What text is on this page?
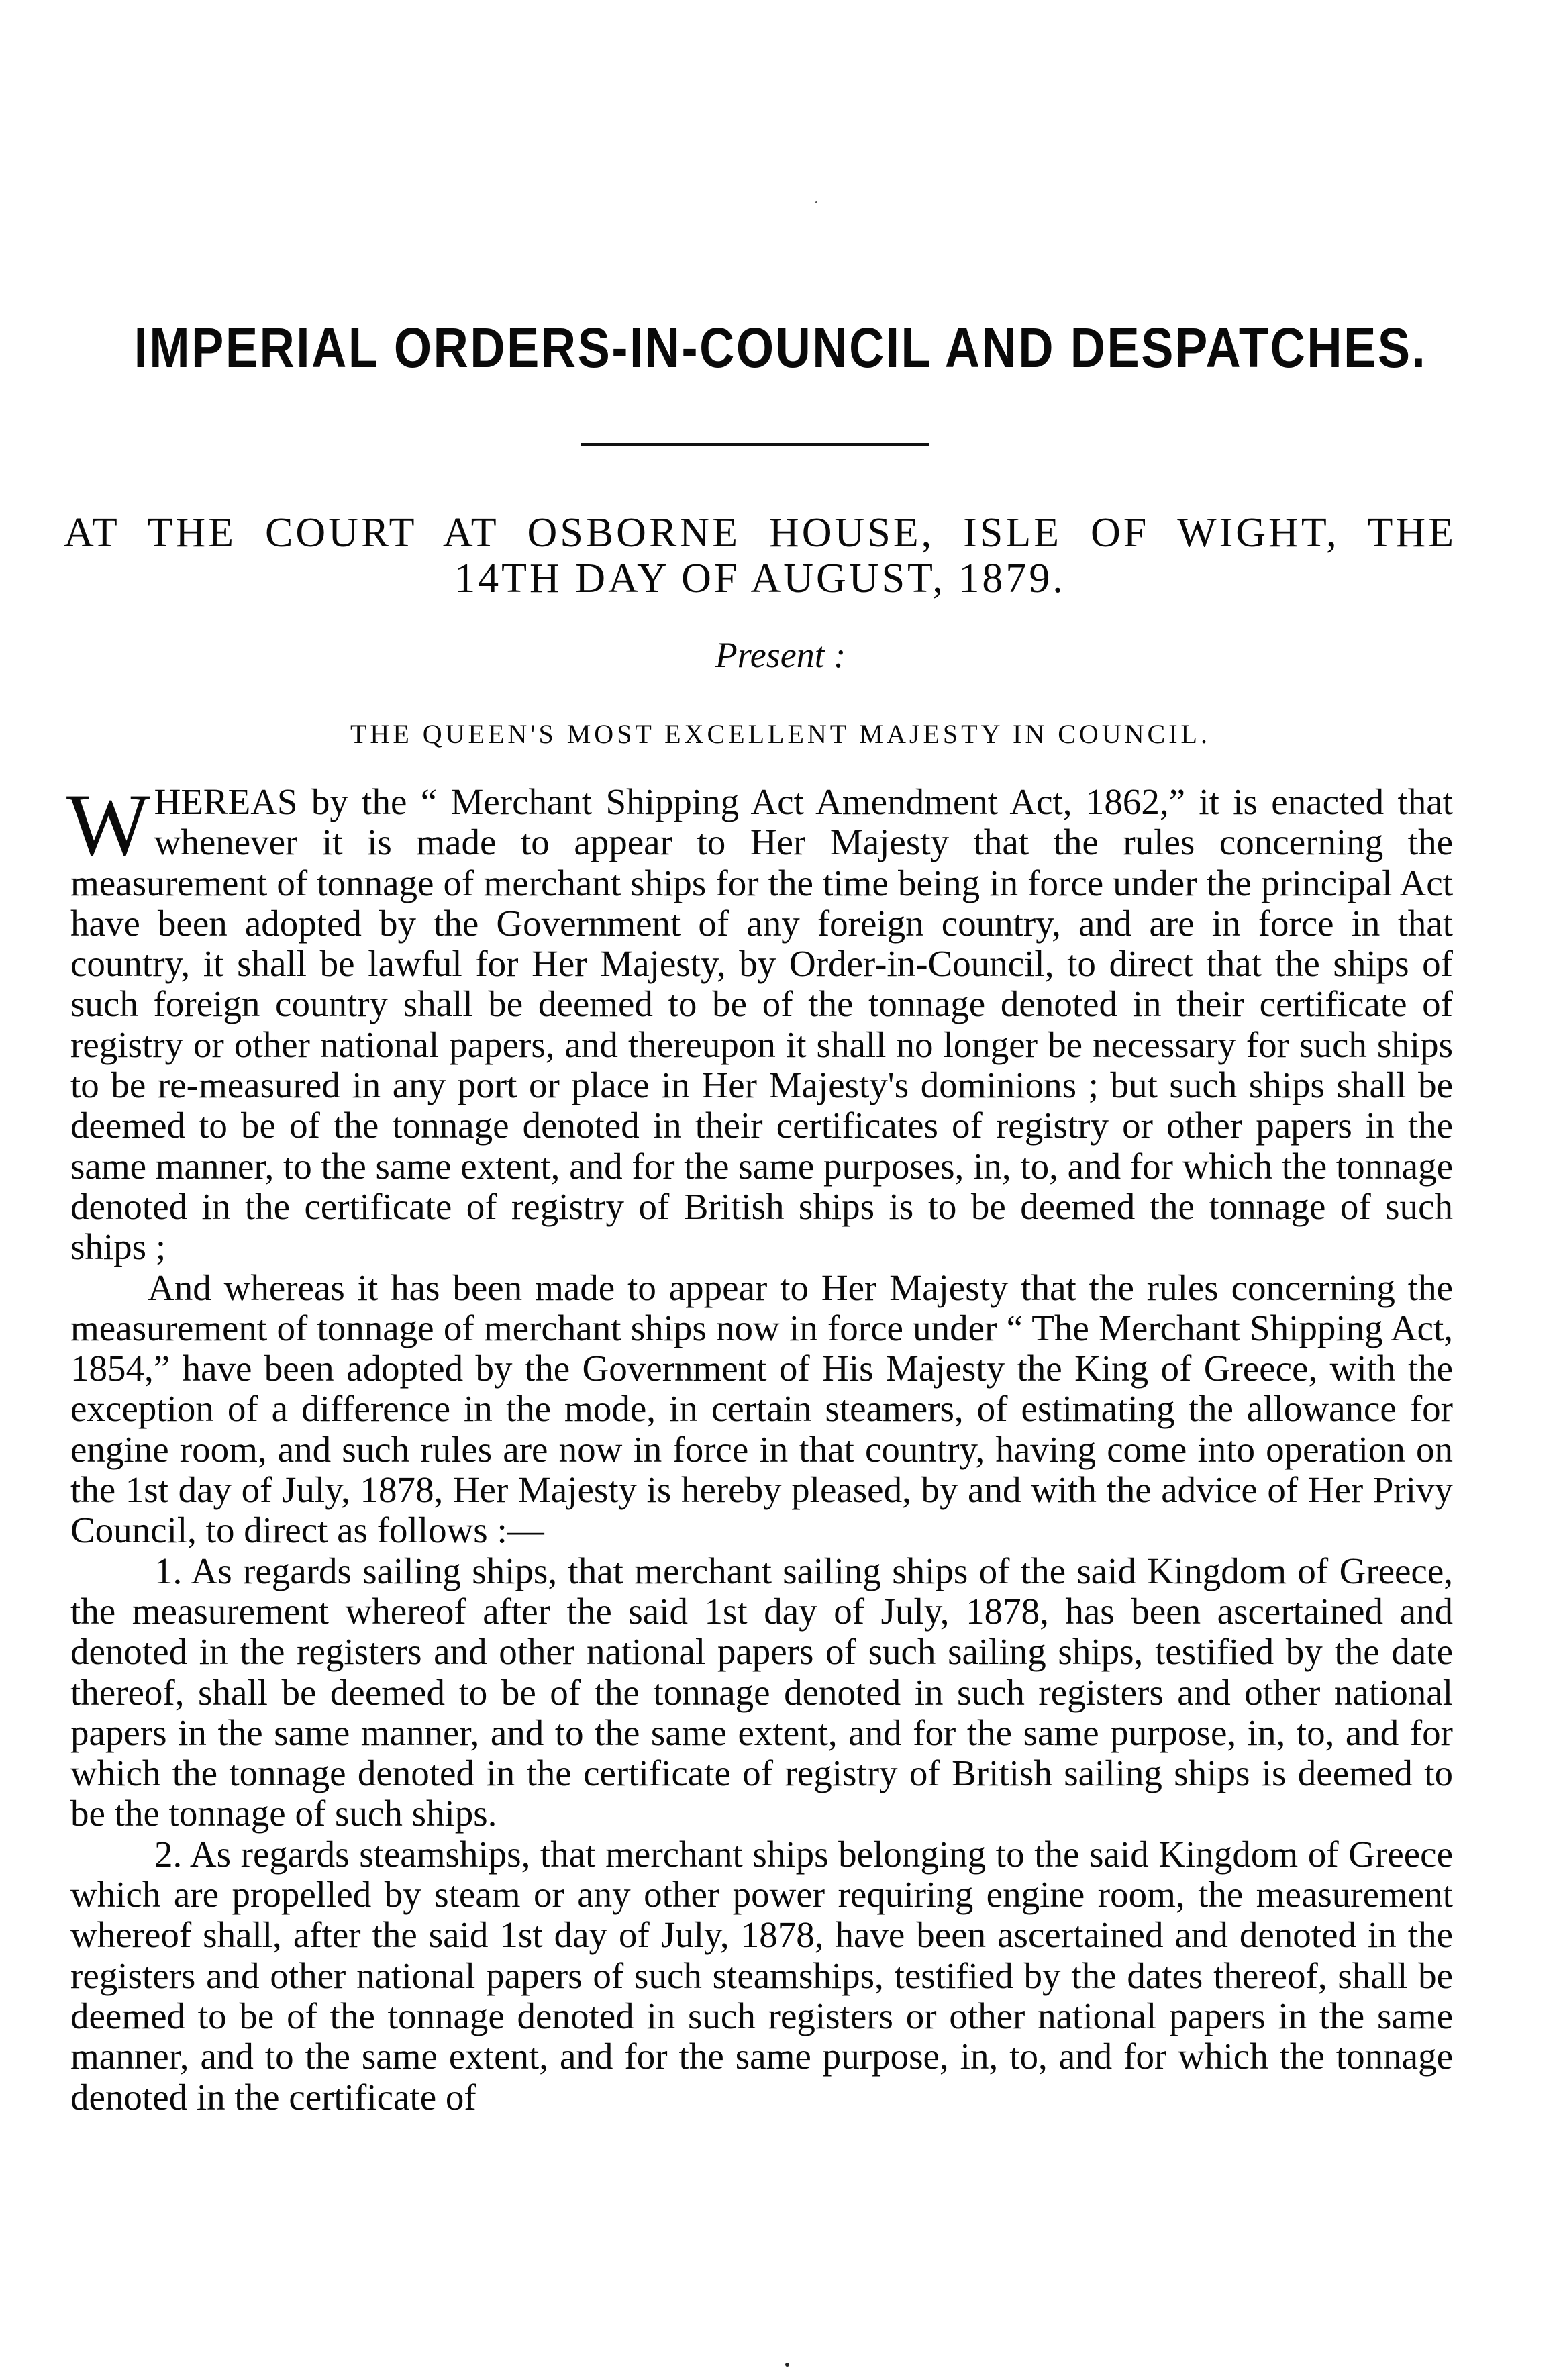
IMPERIAL ORDERS-IN-COUNCIL AND DESPATCHES.
AT THE COURT AT OSBORNE HOUSE, ISLE OF WIGHT, THE
14TH DAY OF AUGUST, 1879.
Present :
THE QUEEN'S MOST EXCELLENT MAJESTY IN COUNCIL.

WHEREAS by the “ Merchant Shipping Act Amendment Act, 1862,” it is enacted that whenever it is made to appear to Her Majesty that the rules concerning the measurement of tonnage of merchant ships for the time being in force under the principal Act have been adopted by the Government of any foreign country, and are in force in that country, it shall be lawful for Her Majesty, by Order-in-Council, to direct that the ships of such foreign country shall be deemed to be of the tonnage denoted in their certificate of registry or other national papers, and thereupon it shall no longer be necessary for such ships to be re-measured in any port or place in Her Majesty's dominions ; but such ships shall be deemed to be of the tonnage denoted in their certificates of registry or other papers in the same manner, to the same extent, and for the same purposes, in, to, and for which the tonnage denoted in the certificate of registry of British ships is to be deemed the tonnage of such ships ;

And whereas it has been made to appear to Her Majesty that the rules concerning the measurement of tonnage of merchant ships now in force under “ The Merchant Shipping Act, 1854,” have been adopted by the Government of His Majesty the King of Greece, with the exception of a difference in the mode, in certain steamers, of estimating the allowance for engine room, and such rules are now in force in that country, having come into operation on the 1st day of July, 1878, Her Majesty is hereby pleased, by and with the advice of Her Privy Council, to direct as follows :—

1. As regards sailing ships, that merchant sailing ships of the said Kingdom of Greece, the measurement whereof after the said 1st day of July, 1878, has been ascertained and denoted in the registers and other national papers of such sailing ships, testified by the date thereof, shall be deemed to be of the tonnage denoted in such registers and other national papers in the same manner, and to the same extent, and for the same purpose, in, to, and for which the tonnage denoted in the certificate of registry of British sailing ships is deemed to be the tonnage of such ships.

2. As regards steamships, that merchant ships belonging to the said Kingdom of Greece which are propelled by steam or any other power requiring engine room, the measurement whereof shall, after the said 1st day of July, 1878, have been ascertained and denoted in the registers and other national papers of such steamships, testified by the dates thereof, shall be deemed to be of the tonnage denoted in such registers or other national papers in the same manner, and to the same extent, and for the same purpose, in, to, and for which the tonnage denoted in the certificate of
